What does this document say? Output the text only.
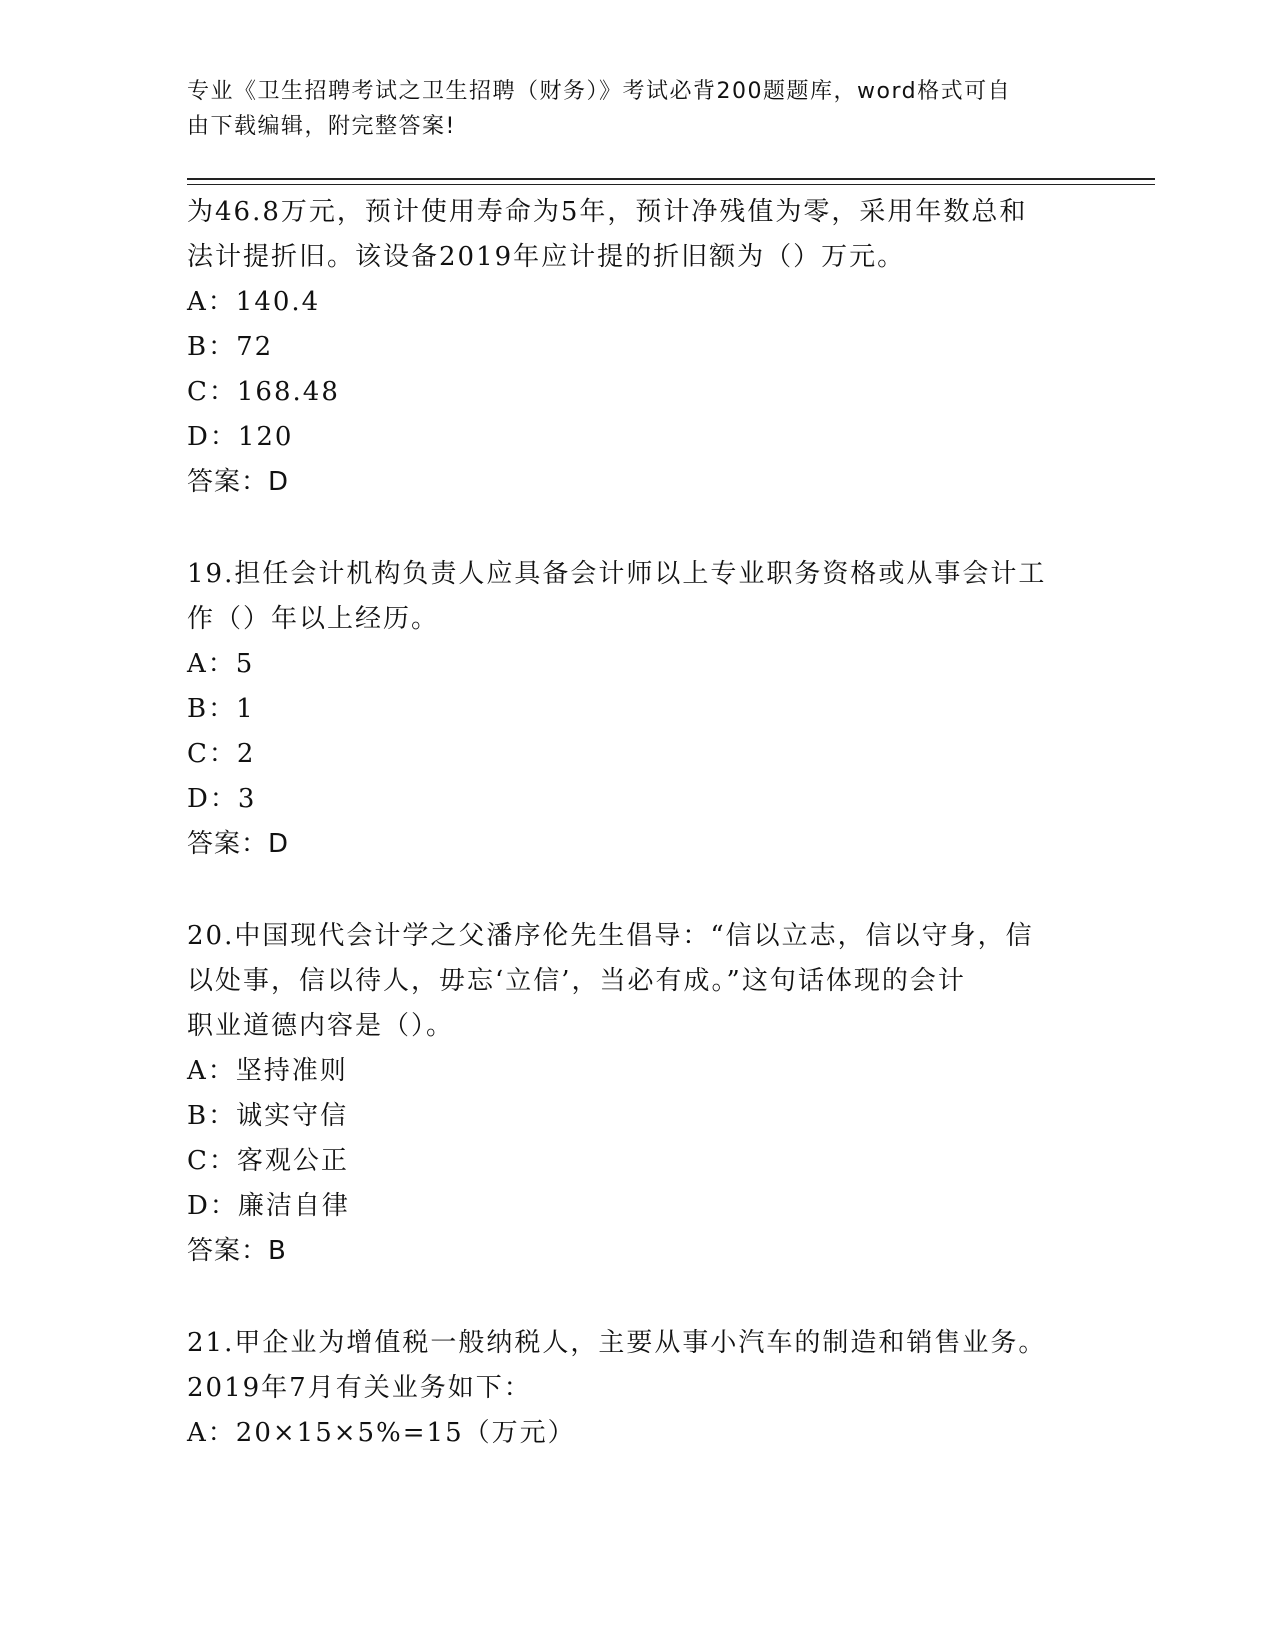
专业《卫生招聘考试之卫生招聘（财务）》考试必背200题题库，word格式可自
由下载编辑，附完整答案!
为46.8万元，预计使用寿命为5年，预计净残值为零，采用年数总和
法计提折旧。该设备2019年应计提的折旧额为（）万元。
A：140.4
B：72
C：168.48
D：120
答案：D
19.担任会计机构负责人应具备会计师以上专业职务资格或从事会计工
作（）年以上经历。
A：5
B：1
C：2
D：3
答案：D
20.中国现代会计学之父潘序伦先生倡导：“信以立志，信以守身，信
以处事，信以待人，毋忘‘立信’，当必有成。”这句话体现的会计
职业道德内容是（）。
A：坚持准则
B：诚实守信
C：客观公正
D：廉洁自律
答案：B
21.甲企业为增值税一般纳税人，主要从事小汽车的制造和销售业务。
2019年7月有关业务如下：
A：20×15×5%=15（万元）
